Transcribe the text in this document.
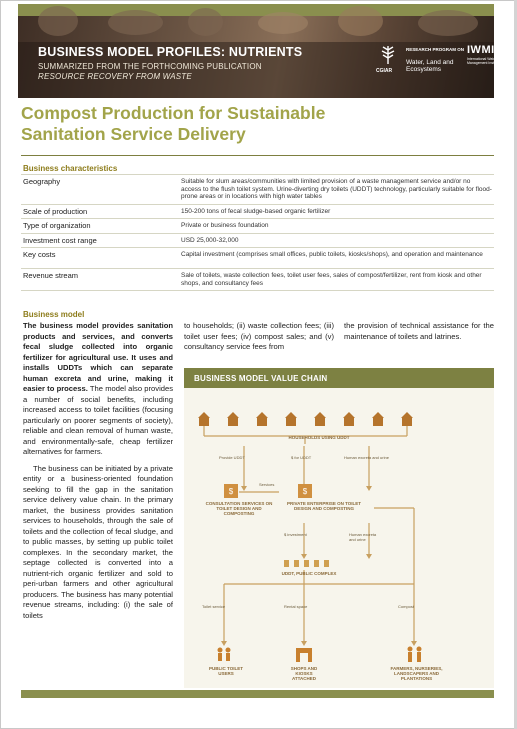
BUSINESS MODEL PROFILES: NUTRIENTS
SUMMARIZED FROM THE FORTHCOMING PUBLICATION
RESOURCE RECOVERY FROM WASTE
CGIAR
RESEARCH PROGRAM ON
Water, Land and Ecosystems
IWMI
International Water Management Institute
Compost Production for Sustainable
Sanitation Service Delivery
Business characteristics
Geography	Suitable for slum areas/communities with limited provision of a waste management service and/or no access to the flush toilet system. Urine-diverting dry toilets (UDDT) technology, particularly suitable for flood-prone areas or in locations with high water tables
Scale of production	150-200 tons of fecal sludge-based organic fertilizer
Type of organization	Private or business foundation
Investment cost range	USD 25,000-32,000
Key costs	Capital investment (comprises small offices, public toilets, kiosks/shops), and operation and maintenance
Revenue stream	Sale of toilets, waste collection fees, toilet user fees, sales of compost/fertilizer, rent from kiosk and other shops, and consultancy fees
Business model

The business model provides sanitation products and services, and converts fecal sludge collected into organic fertilizer for agricultural use. It uses and installs UDDTs which can separate human excreta and urine, making it easier to process. The model also provides a number of social benefits, including increased access to toilet facilities (focusing particularly on poorer segments of society), reliable and clean removal of human waste, and environmentally-safe, cheap fertilizer alternatives for farmers.

The business can be initiated by a private entity or a business-oriented foundation seeking to fill the gap in the sanitation service delivery value chain. In the primary market, the business provides sanitation services to households, through the sale of toilets and the collection of fecal sludge, and to public masses, by setting up public toilet complexes. In the secondary market, the septage collected is converted into a nutrient-rich organic fertilizer and sold to peri-urban farmers and other agricultural producers. The business has many potential revenue streams, including: (i) the sale of toilets

to households; (ii) waste collection fees; (iii) toilet user fees; (iv) compost sales; and (v) consultancy service fees from
the provision of technical assistance for the maintenance of toilets and latrines.
BUSINESS MODEL VALUE CHAIN
$	$
HOUSEHOLDS USING UDDT
Provide UDDT	$ for UDDT	Human excreta and urine
CONSULTATION SERVICES ON TOILET DESIGN AND COMPOSTING
Services
PRIVATE ENTERPRISE ON TOILET DESIGN AND COMPOSTING
$ investment	Human excreta and urine
UDDT, PUBLIC COMPLEX
Toilet service	Rental space	Compost
PUBLIC TOILET USERS
SHOPS AND KIOSKS ATTACHED
FARMERS, NURSERIES, LANDSCAPERS AND PLANTATIONS
